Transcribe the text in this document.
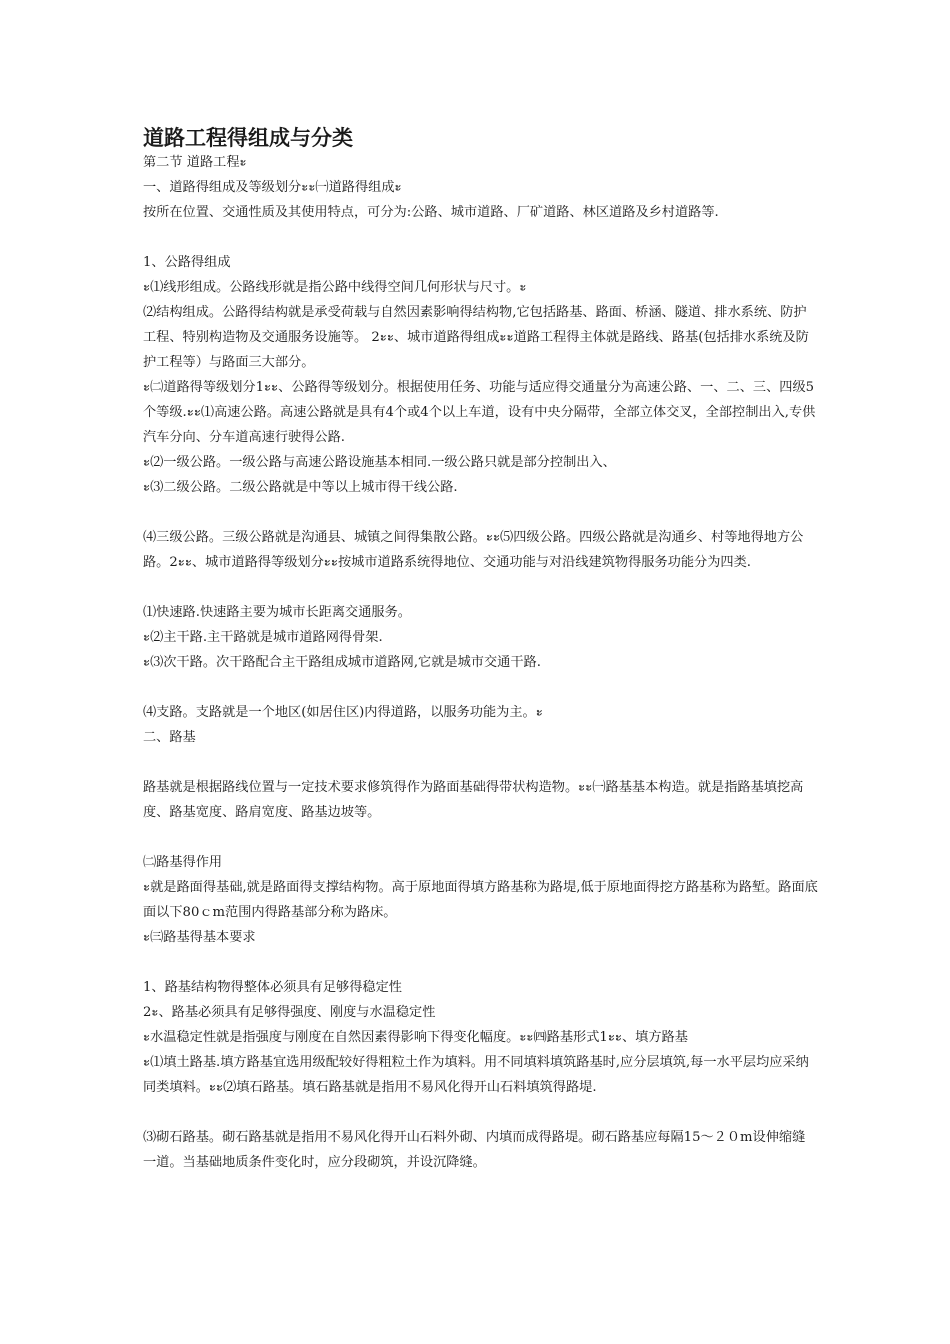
道路工程得组成与分类

第二节 道路工程ะ

一、道路得组成及等级划分ะะ㈠道路得组成ะ

按所在位置、交通性质及其使用特点，可分为:公路、城市道路、厂矿道路、林区道路及乡村道路等.

1、公路得组成

ะ⑴线形组成。公路线形就是指公路中线得空间几何形状与尺寸。ะ

⑵结构组成。公路得结构就是承受荷载与自然因素影响得结构物,它包括路基、路面、桥涵、隧道、排水系统、防护工程、特别构造物及交通服务设施等。 2ะะ、城市道路得组成ะะ道路工程得主体就是路线、路基(包括排水系统及防护工程等）与路面三大部分。

ะ㈡道路得等级划分1ะะ、公路得等级划分。根据使用任务、功能与适应得交通量分为高速公路、一、二、三、四级5个等级.ะะ⑴高速公路。高速公路就是具有4个或4个以上车道，设有中央分隔带，全部立体交叉，全部控制出入,专供汽车分向、分车道高速行驶得公路.

ะ⑵一级公路。一级公路与高速公路设施基本相同.一级公路只就是部分控制出入、

ะ⑶二级公路。二级公路就是中等以上城市得干线公路.

⑷三级公路。三级公路就是沟通县、城镇之间得集散公路。ะะ⑸四级公路。四级公路就是沟通乡、村等地得地方公路。2ะะ、城市道路得等级划分ะะ按城市道路系统得地位、交通功能与对沿线建筑物得服务功能分为四类.

⑴快速路.快速路主要为城市长距离交通服务。

ะ⑵主干路.主干路就是城市道路网得骨架.

ะ⑶次干路。次干路配合主干路组成城市道路网,它就是城市交通干路.

⑷支路。支路就是一个地区(如居住区)内得道路，以服务功能为主。ะ

二、路基

路基就是根据路线位置与一定技术要求修筑得作为路面基础得带状构造物。ะะ㈠路基基本构造。就是指路基填挖高度、路基宽度、路肩宽度、路基边坡等。

㈡路基得作用

ะ就是路面得基础,就是路面得支撑结构物。高于原地面得填方路基称为路堤,低于原地面得挖方路基称为路堑。路面底面以下80ｃm范围内得路基部分称为路床。

ะ㈢路基得基本要求

1、路基结构物得整体必须具有足够得稳定性

2ะ、路基必须具有足够得强度、刚度与水温稳定性

ะ水温稳定性就是指强度与刚度在自然因素得影响下得变化幅度。ะะ㈣路基形式1ะะ、填方路基

ะ⑴填土路基.填方路基宜选用级配较好得粗粒土作为填料。用不同填料填筑路基时,应分层填筑,每一水平层均应采纳同类填料。ะะ⑵填石路基。填石路基就是指用不易风化得开山石料填筑得路堤.

⑶砌石路基。砌石路基就是指用不易风化得开山石料外砌、内填而成得路堤。砌石路基应每隔15～２０m设伸缩缝一道。当基础地质条件变化时，应分段砌筑，并设沉降缝。
